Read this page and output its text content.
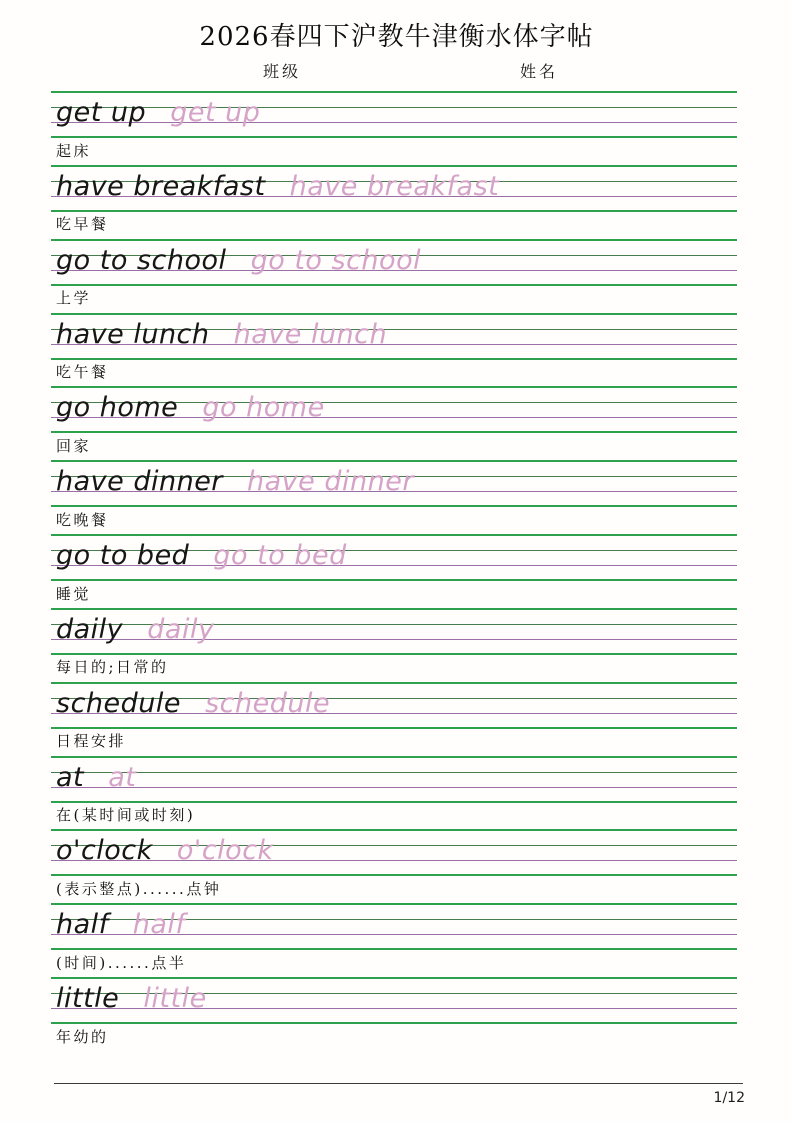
2026春四下沪教牛津衡水体字帖
班级	姓名
get up get up
起床
have breakfast have breakfast
吃早餐
go to school go to school
上学
have lunch have lunch
吃午餐
go home go home
回家
have dinner have dinner
吃晚餐
go to bed go to bed
睡觉
daily daily
每日的;日常的
schedule schedule
日程安排
at at
在(某时间或时刻)
o'clock o'clock
(表示整点)......点钟
half half
(时间)......点半
little little
年幼的
1/12
